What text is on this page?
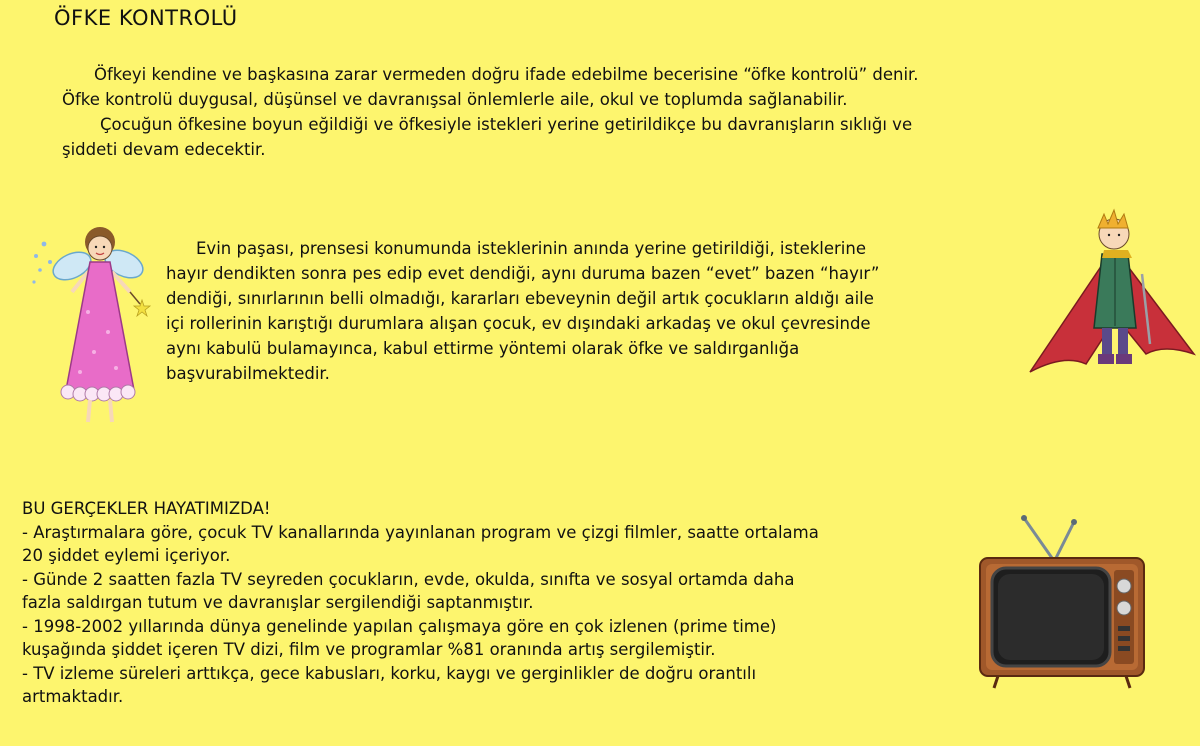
ÖFKE KONTROLÜ
Öfkeyi kendine ve başkasına zarar vermeden doğru ifade edebilme becerisine “öfke kontrolü” denir.
Öfke kontrolü duygusal, düşünsel ve davranışsal önlemlerle aile, okul ve toplumda sağlanabilir.
Çocuğun öfkesine boyun eğildiği ve öfkesiyle istekleri yerine getirildikçe bu davranışların sıklığı ve
şiddeti devam edecektir.
Evin paşası, prensesi konumunda isteklerinin anında yerine getirildiği, isteklerine
hayır dendikten sonra pes edip evet dendiği, aynı duruma bazen “evet” bazen “hayır”
dendiği, sınırlarının belli olmadığı, kararları ebeveynin değil artık çocukların aldığı aile
içi rollerinin karıştığı durumlara alışan çocuk, ev dışındaki arkadaş ve okul çevresinde
aynı kabulü bulamayınca, kabul ettirme yöntemi olarak öfke ve saldırganlığa
başvurabilmektedir.
BU GERÇEKLER HAYATIMIZDA!
- Araştırmalara göre, çocuk TV kanallarında yayınlanan program ve çizgi filmler, saatte ortalama
20 şiddet eylemi içeriyor.
- Günde 2 saatten fazla TV seyreden çocukların, evde, okulda, sınıfta ve sosyal ortamda daha
fazla saldırgan tutum ve davranışlar sergilendiği saptanmıştır.
- 1998-2002 yıllarında dünya genelinde yapılan çalışmaya göre en çok izlenen (prime time)
kuşağında şiddet içeren TV dizi, film ve programlar %81 oranında artış sergilemiştir.
- TV izleme süreleri arttıkça, gece kabusları, korku, kaygı ve gerginlikler de doğru orantılı
artmaktadır.
